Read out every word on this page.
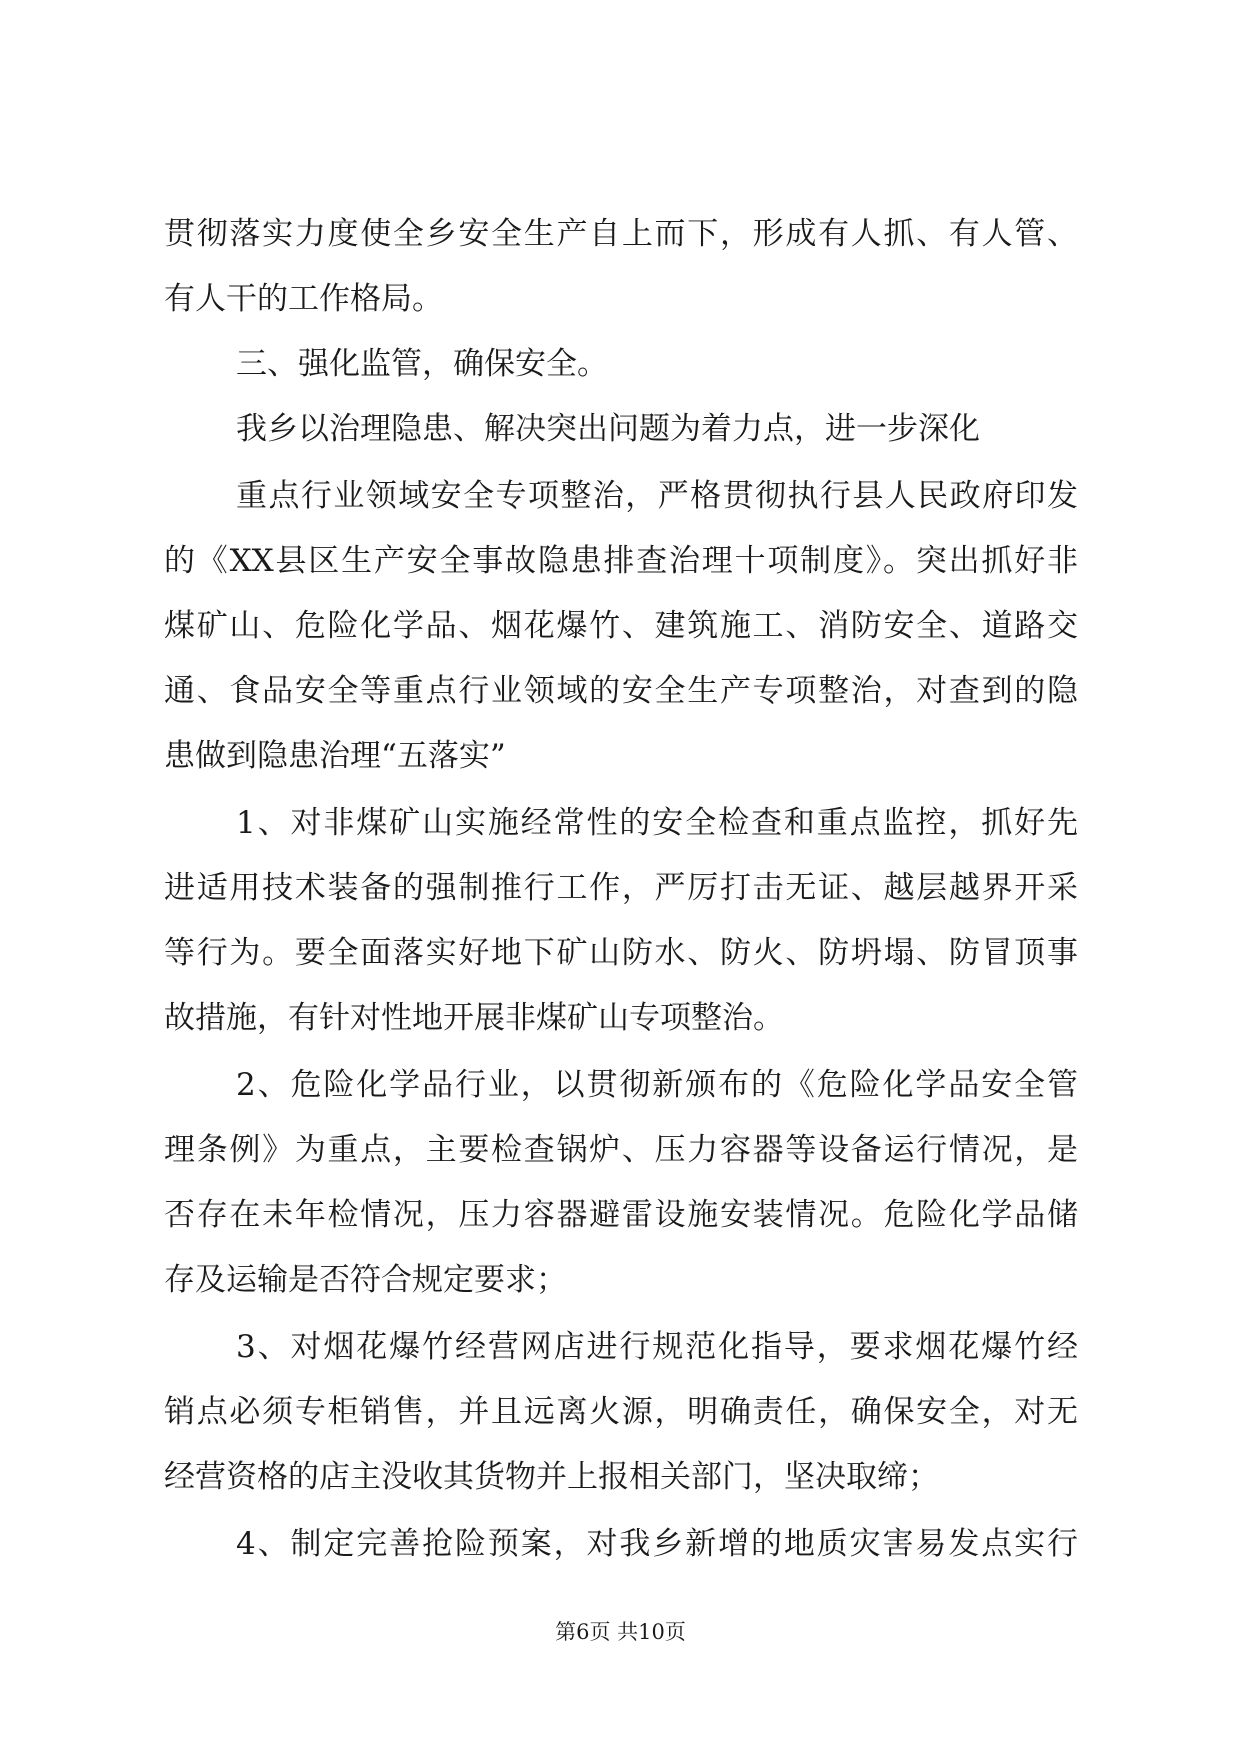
贯彻落实力度使全乡安全生产自上而下，形成有人抓、有人管、
有人干的工作格局。
三、强化监管，确保安全。
我乡以治理隐患、解决突出问题为着力点，进一步深化
重点行业领域安全专项整治，严格贯彻执行县人民政府印发
的《XX县区生产安全事故隐患排查治理十项制度》。突出抓好非
煤矿山、危险化学品、烟花爆竹、建筑施工、消防安全、道路交
通、食品安全等重点行业领域的安全生产专项整治，对查到的隐
患做到隐患治理“五落实”
1、对非煤矿山实施经常性的安全检查和重点监控，抓好先
进适用技术装备的强制推行工作，严厉打击无证、越层越界开采
等行为。要全面落实好地下矿山防水、防火、防坍塌、防冒顶事
故措施，有针对性地开展非煤矿山专项整治。
2、危险化学品行业，以贯彻新颁布的《危险化学品安全管
理条例》为重点，主要检查锅炉、压力容器等设备运行情况，是
否存在未年检情况，压力容器避雷设施安装情况。危险化学品储
存及运输是否符合规定要求；
3、对烟花爆竹经营网店进行规范化指导，要求烟花爆竹经
销点必须专柜销售，并且远离火源，明确责任，确保安全，对无
经营资格的店主没收其货物并上报相关部门，坚决取缔；
4、制定完善抢险预案，对我乡新增的地质灾害易发点实行
第6页 共10页
